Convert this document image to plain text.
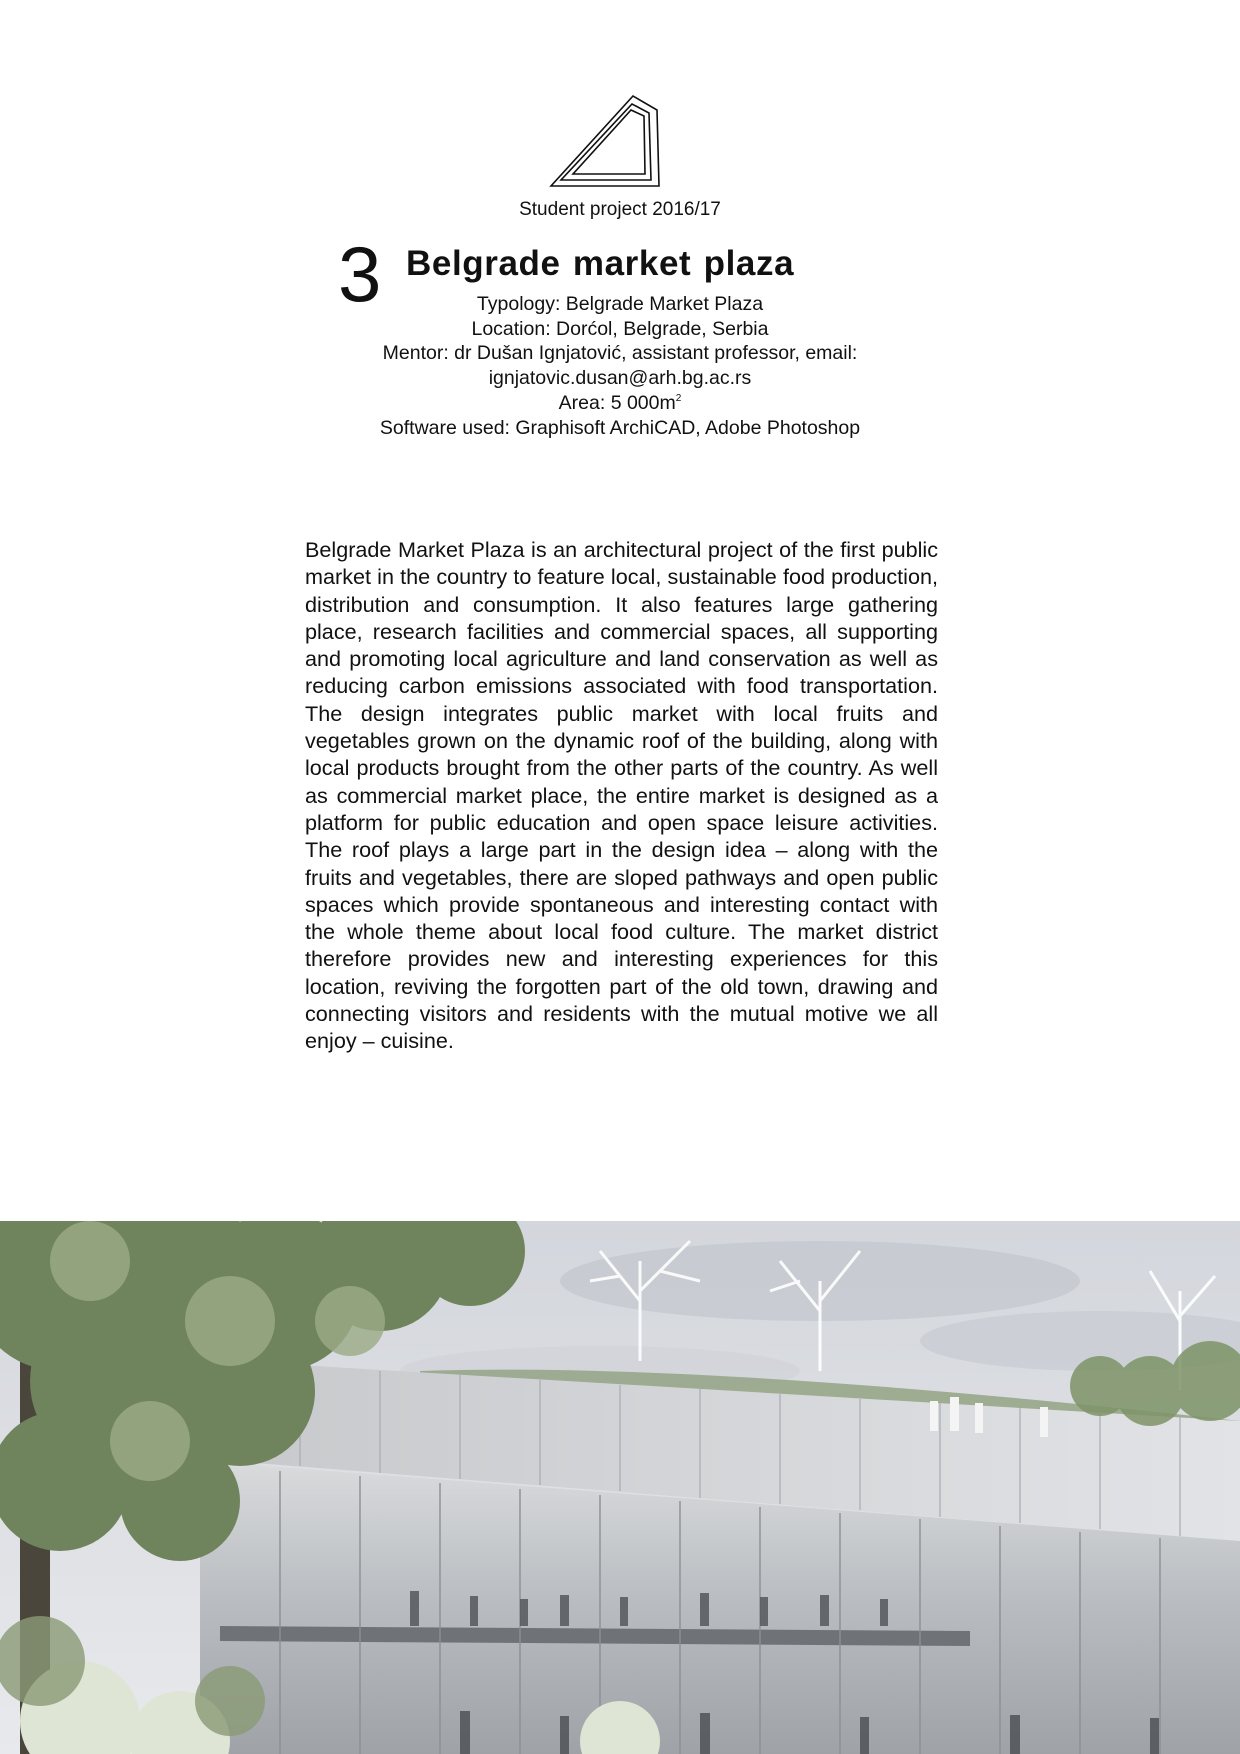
Student project 2016/17
3 Belgrade market plaza
Typology: Belgrade Market Plaza
Location: Dorćol, Belgrade, Serbia
Mentor: dr Dušan Ignjatović, assistant professor, email:
ignjatovic.dusan@arh.bg.ac.rs
Area: 5 $000m^2$
Software used: Graphisoft ArchiCAD, Adobe Photoshop

Belgrade Market Plaza is an architectural project of the first public market in the country to feature local, sustainable food production, distribution and consumption. It also features large gathering place, research facilities and commercial spaces, all supporting and promoting local agriculture and land conservation as well as reducing carbon emissions associated with food transportation. The design integrates public market with local fruits and vegetables grown on the dynamic roof of the building, along with local products brought from the other parts of the country. As well as commercial market place, the entire market is designed as a platform for public education and open space leisure activities. The roof plays a large part in the design idea – along with the fruits and vegetables, there are sloped pathways and open public spaces which provide spontaneous and interesting contact with the whole theme about local food culture. The market district therefore provides new and interesting experiences for this location, reviving the forgotten part of the old town, drawing and connecting visitors and residents with the mutual motive we all enjoy – cuisine.
